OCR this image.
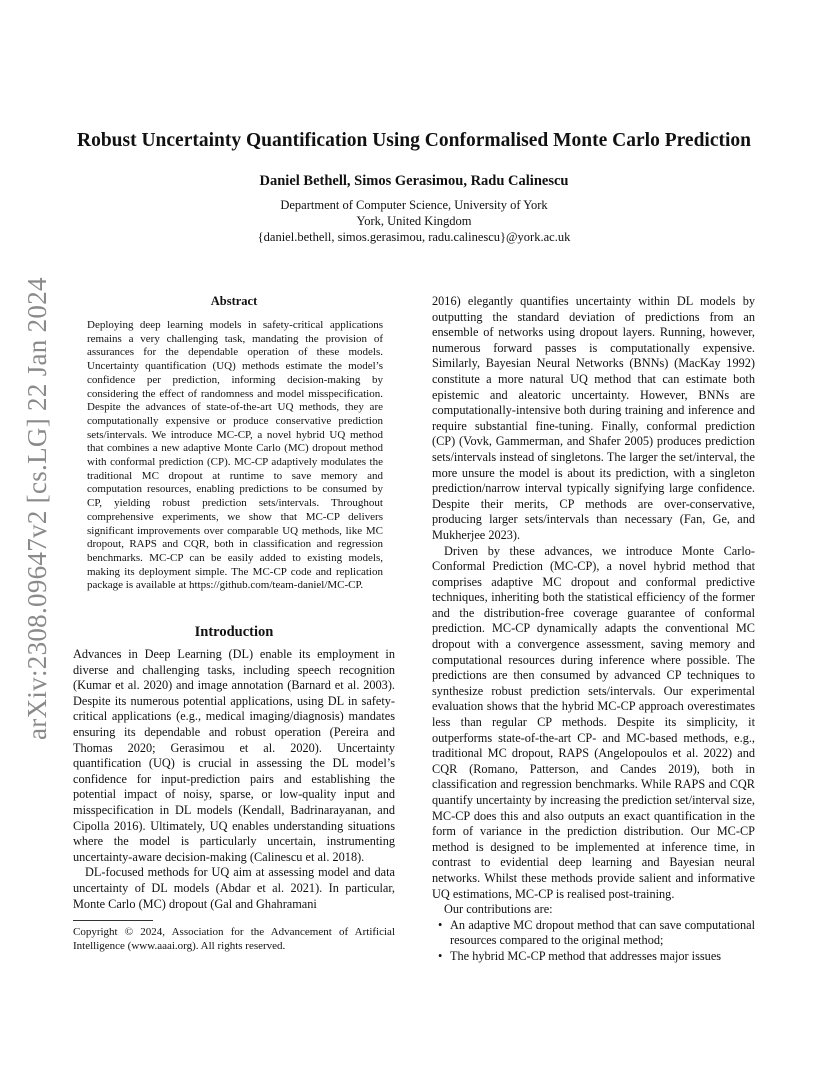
arXiv:2308.09647v2 [cs.LG] 22 Jan 2024
Robust Uncertainty Quantification Using Conformalised Monte Carlo Prediction
Daniel Bethell, Simos Gerasimou, Radu Calinescu
Department of Computer Science, University of York
York, United Kingdom
{daniel.bethell, simos.gerasimou, radu.calinescu}@york.ac.uk
Abstract
Deploying deep learning models in safety-critical applications remains a very challenging task, mandating the provision of assurances for the dependable operation of these models. Uncertainty quantification (UQ) methods estimate the model’s confidence per prediction, informing decision-making by considering the effect of randomness and model misspecification. Despite the advances of state-of-the-art UQ methods, they are computationally expensive or produce conservative prediction sets/intervals. We introduce MC-CP, a novel hybrid UQ method that combines a new adaptive Monte Carlo (MC) dropout method with conformal prediction (CP). MC-CP adaptively modulates the traditional MC dropout at runtime to save memory and computation resources, enabling predictions to be consumed by CP, yielding robust prediction sets/intervals. Throughout comprehensive experiments, we show that MC-CP delivers significant improvements over comparable UQ methods, like MC dropout, RAPS and CQR, both in classification and regression benchmarks. MC-CP can be easily added to existing models, making its deployment simple. The MC-CP code and replication package is available at https://github.com/team-daniel/MC-CP.
Introduction

Advances in Deep Learning (DL) enable its employment in diverse and challenging tasks, including speech recognition (Kumar et al. 2020) and image annotation (Barnard et al. 2003). Despite its numerous potential applications, using DL in safety-critical applications (e.g., medical imaging/diagnosis) mandates ensuring its dependable and robust operation (Pereira and Thomas 2020; Gerasimou et al. 2020). Uncertainty quantification (UQ) is crucial in assessing the DL model’s confidence for input-prediction pairs and establishing the potential impact of noisy, sparse, or low-quality input and misspecification in DL models (Kendall, Badrinarayanan, and Cipolla 2016). Ultimately, UQ enables understanding situations where the model is particularly uncertain, instrumenting uncertainty-aware decision-making (Calinescu et al. 2018).

DL-focused methods for UQ aim at assessing model and data uncertainty of DL models (Abdar et al. 2021). In particular, Monte Carlo (MC) dropout (Gal and Ghahramani

Copyright © 2024, Association for the Advancement of Artificial Intelligence (www.aaai.org). All rights reserved.

2016) elegantly quantifies uncertainty within DL models by outputting the standard deviation of predictions from an ensemble of networks using dropout layers. Running, however, numerous forward passes is computationally expensive. Similarly, Bayesian Neural Networks (BNNs) (MacKay 1992) constitute a more natural UQ method that can estimate both epistemic and aleatoric uncertainty. However, BNNs are computationally-intensive both during training and inference and require substantial fine-tuning. Finally, conformal prediction (CP) (Vovk, Gammerman, and Shafer 2005) produces prediction sets/intervals instead of singletons. The larger the set/interval, the more unsure the model is about its prediction, with a singleton prediction/narrow interval typically signifying large confidence. Despite their merits, CP methods are over-conservative, producing larger sets/intervals than necessary (Fan, Ge, and Mukherjee 2023).

Driven by these advances, we introduce Monte Carlo-Conformal Prediction (MC-CP), a novel hybrid method that comprises adaptive MC dropout and conformal predictive techniques, inheriting both the statistical efficiency of the former and the distribution-free coverage guarantee of conformal prediction. MC-CP dynamically adapts the conventional MC dropout with a convergence assessment, saving memory and computational resources during inference where possible. The predictions are then consumed by advanced CP techniques to synthesize robust prediction sets/intervals. Our experimental evaluation shows that the hybrid MC-CP approach overestimates less than regular CP methods. Despite its simplicity, it outperforms state-of-the-art CP- and MC-based methods, e.g., traditional MC dropout, RAPS (Angelopoulos et al. 2022) and CQR (Romano, Patterson, and Candes 2019), both in classification and regression benchmarks. While RAPS and CQR quantify uncertainty by increasing the prediction set/interval size, MC-CP does this and also outputs an exact quantification in the form of variance in the prediction distribution. Our MC-CP method is designed to be implemented at inference time, in contrast to evidential deep learning and Bayesian neural networks. Whilst these methods provide salient and informative UQ estimations, MC-CP is realised post-training.

Our contributions are:

• An adaptive MC dropout method that can save computational resources compared to the original method;
• The hybrid MC-CP method that addresses major issues
